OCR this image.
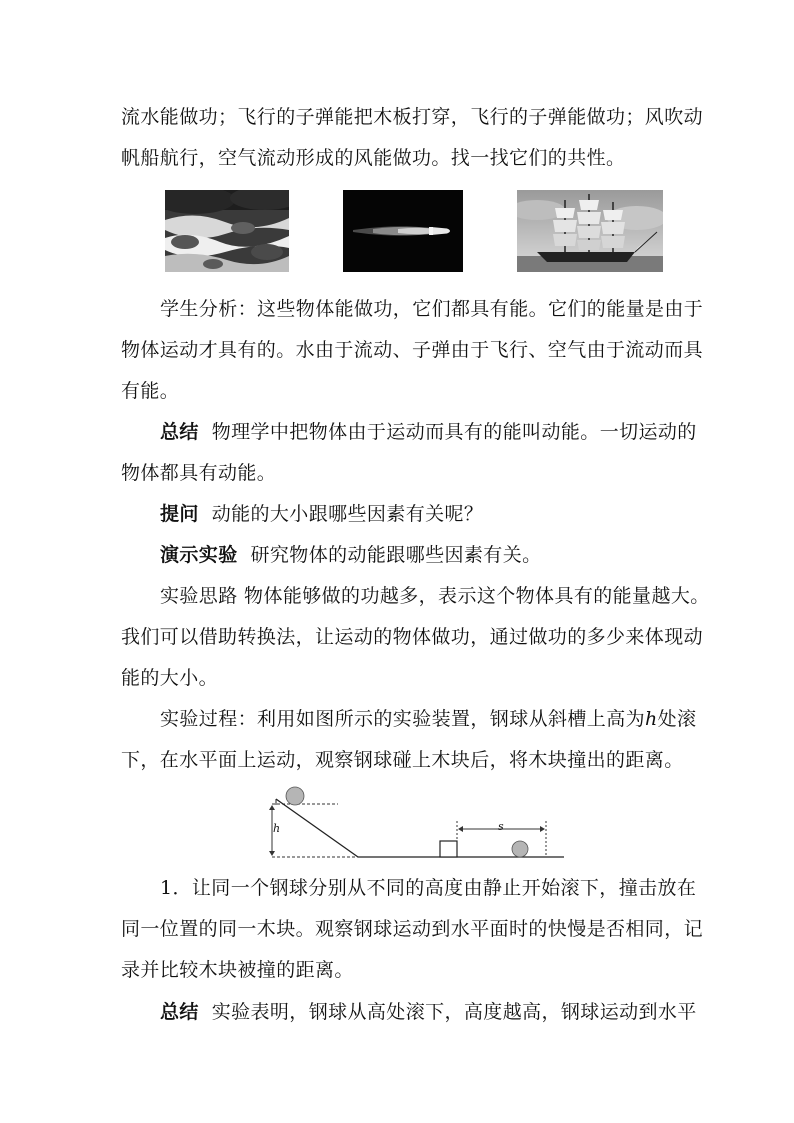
流水能做功；飞行的子弹能把木板打穿，飞行的子弹能做功；风吹动
帆船航行，空气流动形成的风能做功。找一找它们的共性。
学生分析：这些物体能做功，它们都具有能。它们的能量是由于
物体运动才具有的。水由于流动、子弹由于飞行、空气由于流动而具
有能。
总结 物理学中把物体由于运动而具有的能叫动能。一切运动的
物体都具有动能。
提问 动能的大小跟哪些因素有关呢？
演示实验 研究物体的动能跟哪些因素有关。
实验思路 物体能够做的功越多，表示这个物体具有的能量越大。
我们可以借助转换法，让运动的物体做功，通过做功的多少来体现动
能的大小。
实验过程：利用如图所示的实验装置，钢球从斜槽上高为h处滚
下，在水平面上运动，观察钢球碰上木块后，将木块撞出的距离。
h	s
1．让同一个钢球分别从不同的高度由静止开始滚下，撞击放在
同一位置的同一木块。观察钢球运动到水平面时的快慢是否相同，记
录并比较木块被撞的距离。
总结 实验表明，钢球从高处滚下，高度越高，钢球运动到水平
